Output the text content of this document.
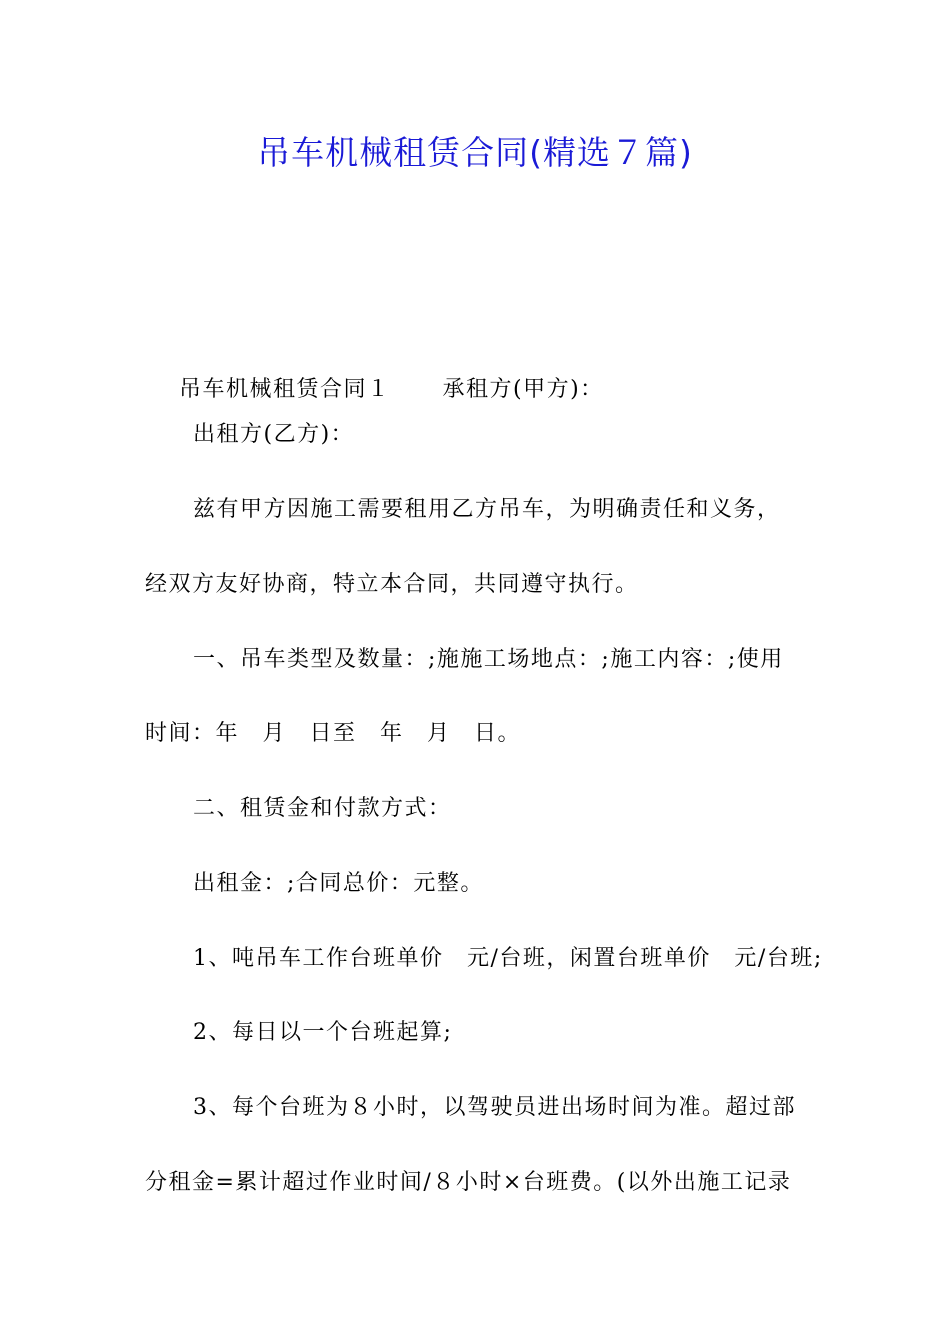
吊车机械租赁合同(精选７篇)

吊车机械租赁合同１ 承租方(甲方)：

出租方(乙方)：
兹有甲方因施工需要租用乙方吊车，为明确责任和义务，
经双方友好协商，特立本合同，共同遵守执行。
一、吊车类型及数量：;施施工场地点：;施工内容：;使用
时间：年　月　日至　年　月　日。
二、租赁金和付款方式：
出租金：;合同总价：元整。
1、吨吊车工作台班单价　元/台班，闲置台班单价　元/台班;
2、每日以一个台班起算;
3、每个台班为８小时，以驾驶员进出场时间为准。超过部
分租金=累计超过作业时间/８小时×台班费。(以外出施工记录
